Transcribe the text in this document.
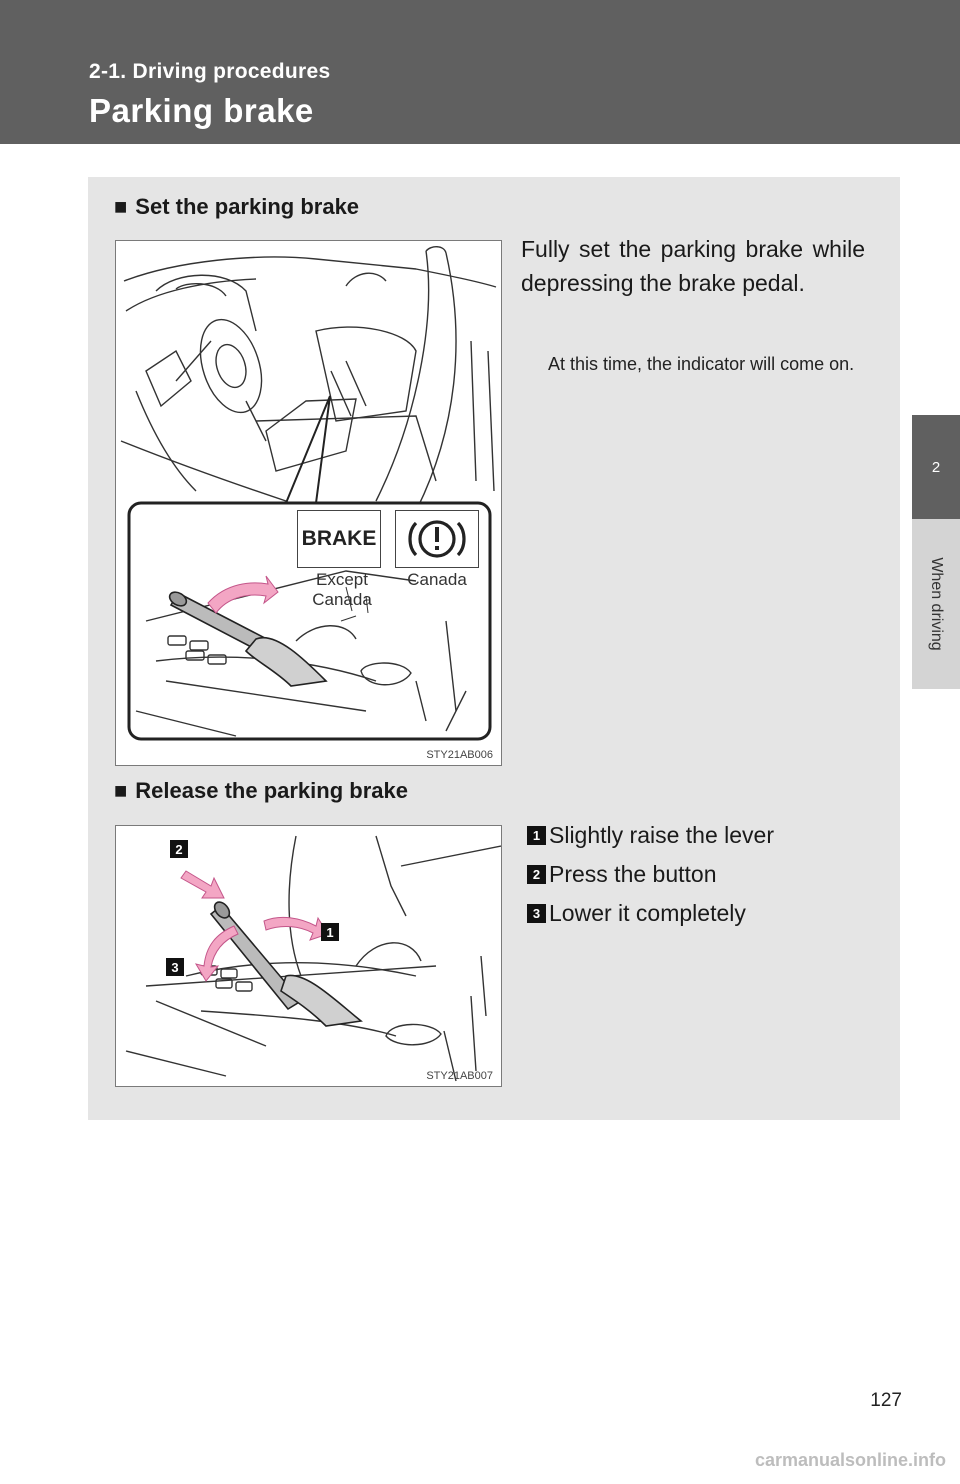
2-1. Driving procedures
Parking brake
2
When driving
■ Set the parking brake
STY21AB006
BRAKE
Except Canada
Canada

Fully set the parking brake while depressing the brake pedal.

At this time, the indicator will come on.
■ Release the parking brake
2
1
3
STY21AB007
1 Slightly raise the lever
2 Press the button
3 Lower it completely
127
carmanualsonline.info
